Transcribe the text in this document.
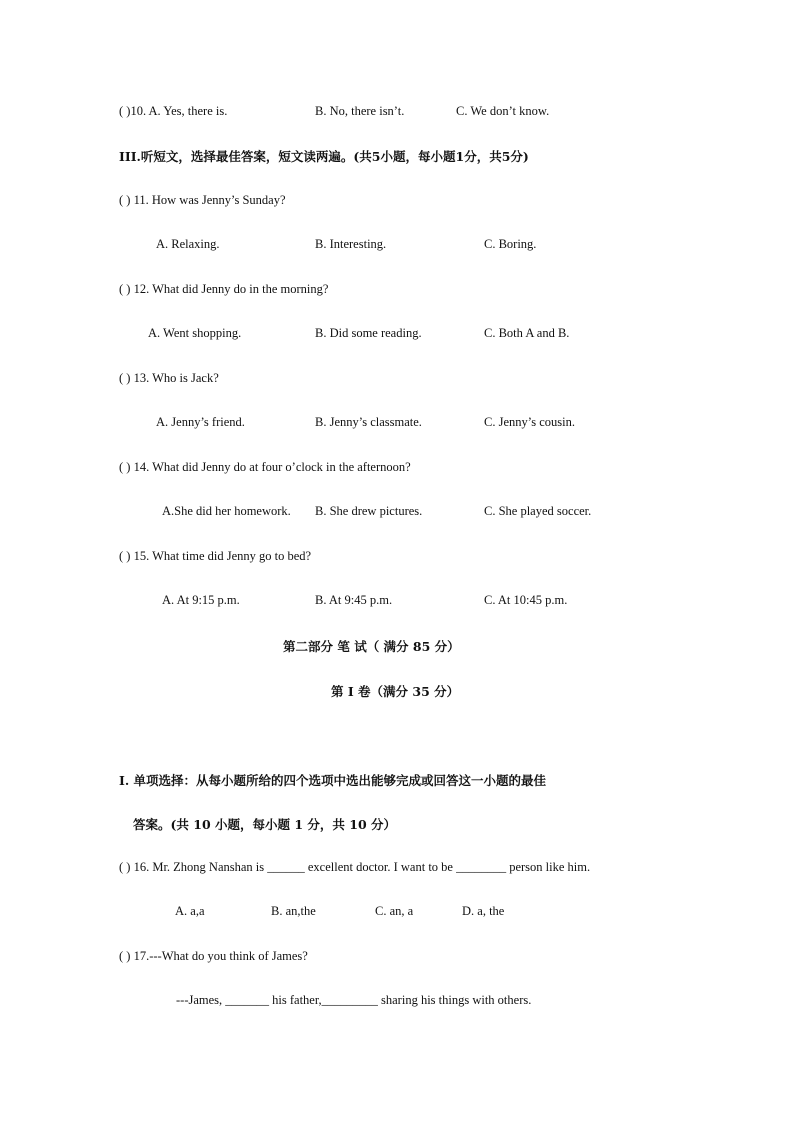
( )10. A. Yes, there is.	B. No, there isn’t.	C. We don’t know.
III.听短文，选择最佳答案，短文读两遍。(共5小题，每小题1分，共5分)
( ) 11. How was Jenny’s Sunday?
A. Relaxing.	B. Interesting.	C. Boring.
( ) 12. What did Jenny do in the morning?
A. Went shopping.	B. Did some reading.	C. Both A and B.
( ) 13. Who is Jack?
A. Jenny’s friend.	B. Jenny’s classmate.	C. Jenny’s cousin.
( ) 14. What did Jenny do at four o’clock in the afternoon?
A.She did her homework. B. She drew pictures.	C. She played soccer.
( ) 15. What time did Jenny go to bed?
A. At 9:15 p.m.	B. At 9:45 p.m.	C. At 10:45 p.m.
第二部分 笔 试（ 满分 85 分）
第 I 卷（满分 35 分）
I. 单项选择：从每小题所给的四个选项中选出能够完成或回答这一小题的最佳
答案。(共 10 小题，每小题 1 分，共 10 分）
( ) 16. Mr. Zhong Nanshan is ______ excellent doctor. I want to be ________ person like him.
A. a,a	B. an,the	C. an, a	D. a, the
( ) 17.---What do you think of James?
---James, _______ his father,_________ sharing his things with others.
